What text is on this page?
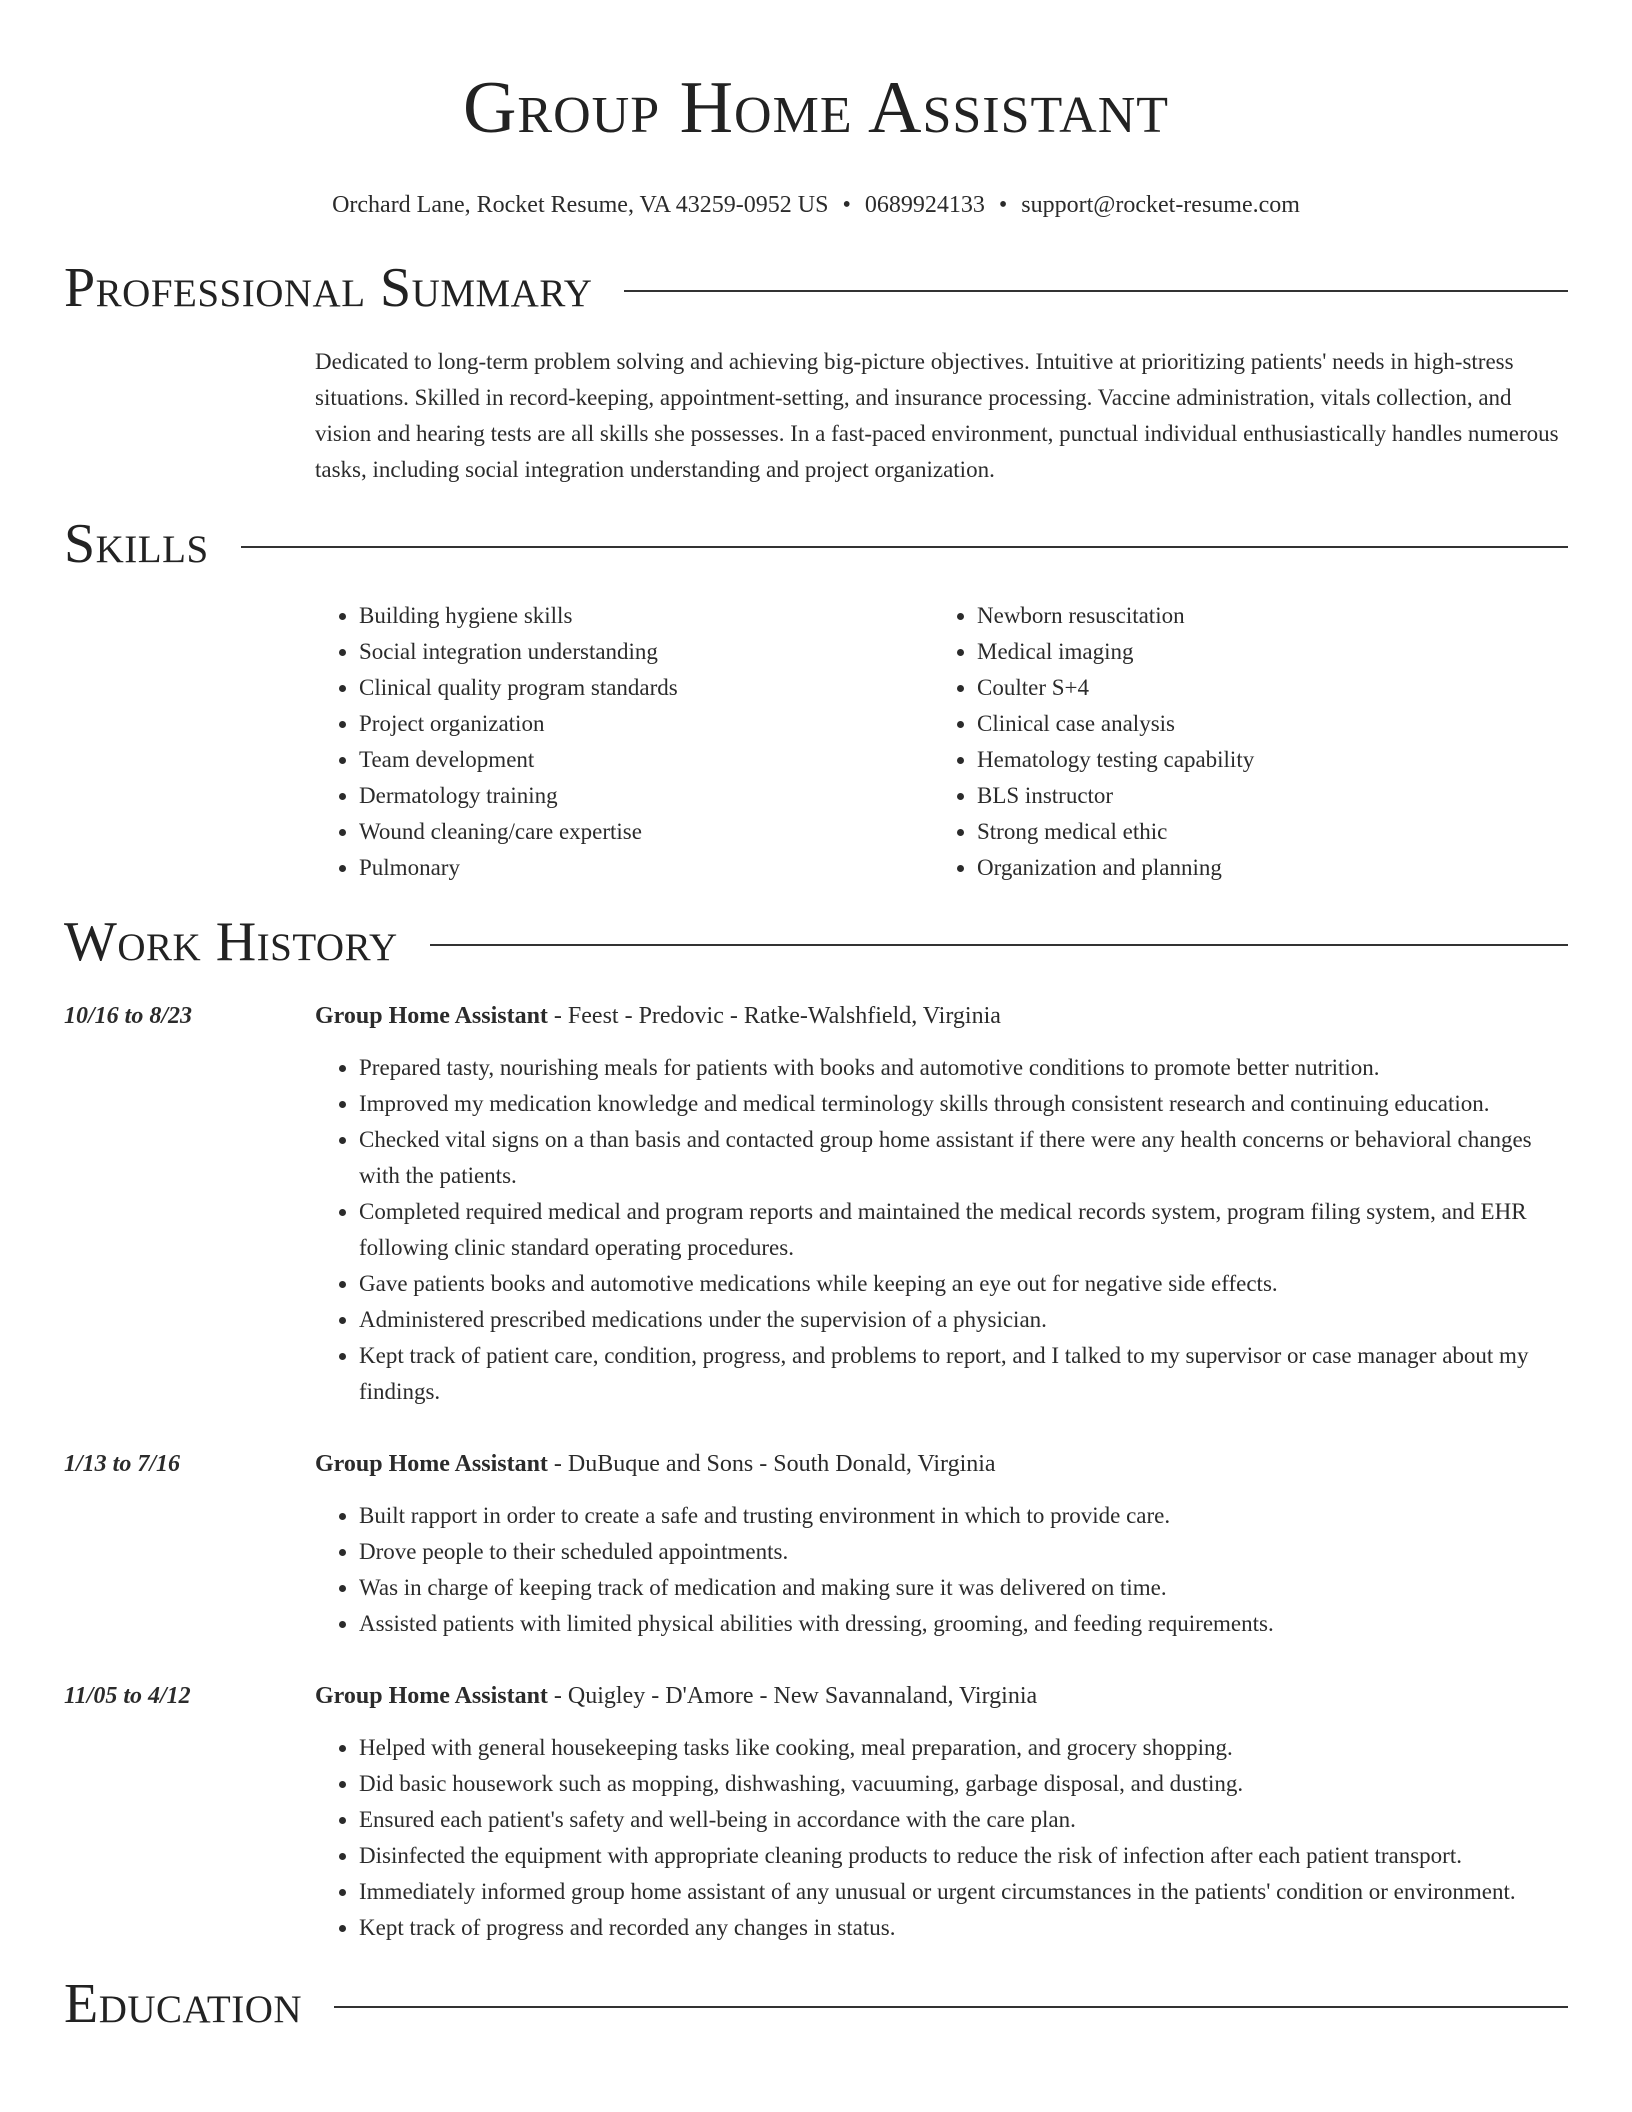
Group Home Assistant
Orchard Lane, Rocket Resume, VA 43259-0952 US • 0689924133 • support@rocket-resume.com
Professional Summary
Dedicated to long-term problem solving and achieving big-picture objectives. Intuitive at prioritizing patients' needs in high-stress situations. Skilled in record-keeping, appointment-setting, and insurance processing. Vaccine administration, vitals collection, and vision and hearing tests are all skills she possesses. In a fast-paced environment, punctual individual enthusiastically handles numerous tasks, including social integration understanding and project organization.
Skills
• Building hygiene skills
• Social integration understanding
• Clinical quality program standards
• Project organization
• Team development
• Dermatology training
• Wound cleaning/care expertise
• Pulmonary
• Newborn resuscitation
• Medical imaging
• Coulter S+4
• Clinical case analysis
• Hematology testing capability
• BLS instructor
• Strong medical ethic
• Organization and planning
Work History
10/16 to 8/23	Group Home Assistant - Feest - Predovic - Ratke-Walshfield, Virginia
• Prepared tasty, nourishing meals for patients with books and automotive conditions to promote better nutrition.
• Improved my medication knowledge and medical terminology skills through consistent research and continuing education.
• Checked vital signs on a than basis and contacted group home assistant if there were any health concerns or behavioral changes with the patients.
• Completed required medical and program reports and maintained the medical records system, program filing system, and EHR following clinic standard operating procedures.
• Gave patients books and automotive medications while keeping an eye out for negative side effects.
• Administered prescribed medications under the supervision of a physician.
• Kept track of patient care, condition, progress, and problems to report, and I talked to my supervisor or case manager about my findings.
1/13 to 7/16	Group Home Assistant - DuBuque and Sons - South Donald, Virginia
• Built rapport in order to create a safe and trusting environment in which to provide care.
• Drove people to their scheduled appointments.
• Was in charge of keeping track of medication and making sure it was delivered on time.
• Assisted patients with limited physical abilities with dressing, grooming, and feeding requirements.
11/05 to 4/12	Group Home Assistant - Quigley - D'Amore - New Savannaland, Virginia
• Helped with general housekeeping tasks like cooking, meal preparation, and grocery shopping.
• Did basic housework such as mopping, dishwashing, vacuuming, garbage disposal, and dusting.
• Ensured each patient's safety and well-being in accordance with the care plan.
• Disinfected the equipment with appropriate cleaning products to reduce the risk of infection after each patient transport.
• Immediately informed group home assistant of any unusual or urgent circumstances in the patients' condition or environment.
• Kept track of progress and recorded any changes in status.
Education
